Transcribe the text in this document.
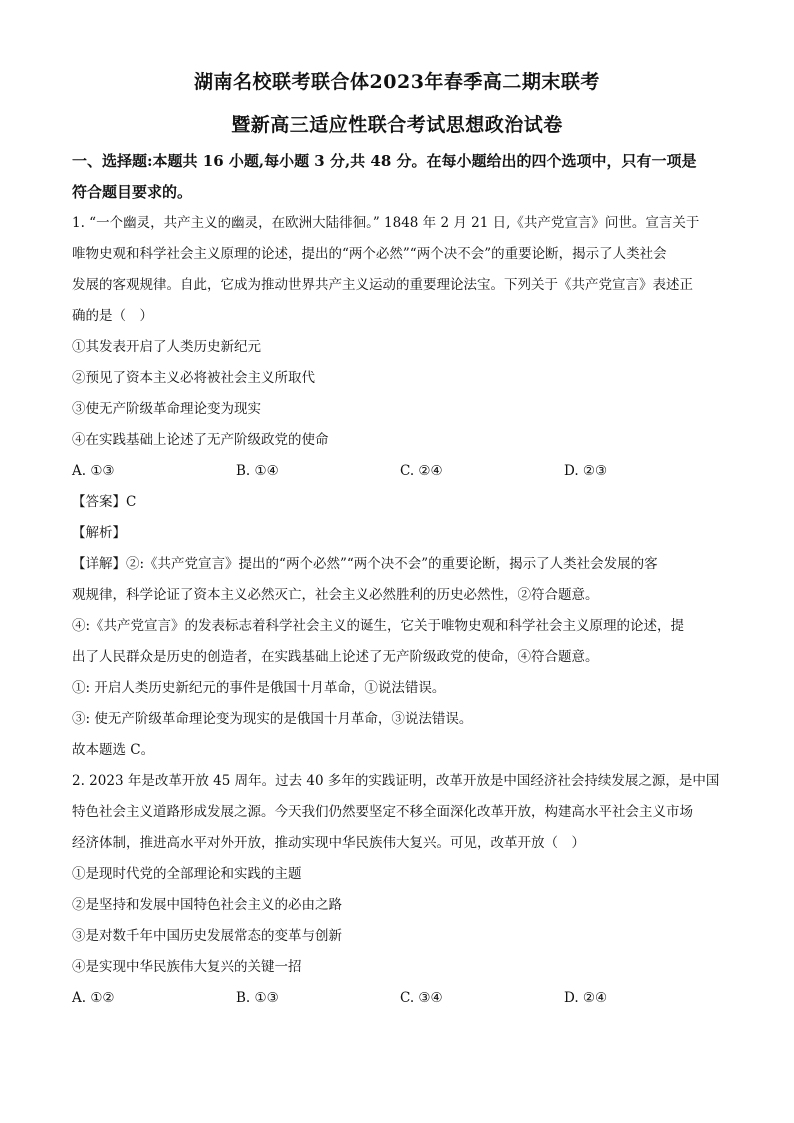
湖南名校联考联合体2023年春季高二期末联考
暨新高三适应性联合考试思想政治试卷

一、选择题:本题共 16 小题,每小题 3 分,共 48 分。在每小题给出的四个选项中，只有一项是

符合题目要求的。

1. “一个幽灵，共产主义的幽灵，在欧洲大陆徘徊。” 1848 年 2 月 21 日,《共产党宣言》问世。宣言关于

唯物史观和科学社会主义原理的论述，提出的“两个必然”“两个决不会”的重要论断，揭示了人类社会

发展的客观规律。自此，它成为推动世界共产主义运动的重要理论法宝。下列关于《共产党宣言》表述正

确的是（　）

①其发表开启了人类历史新纪元

②预见了资本主义必将被社会主义所取代

③使无产阶级革命理论变为现实

④在实践基础上论述了无产阶级政党的使命

A. ①③	B. ①④	C. ②④	D. ②③

【答案】C

【解析】

【详解】②:《共产党宣言》提出的“两个必然”“两个决不会”的重要论断，揭示了人类社会发展的客

观规律，科学论证了资本主义必然灭亡，社会主义必然胜利的历史必然性，②符合题意。

④:《共产党宣言》的发表标志着科学社会主义的诞生，它关于唯物史观和科学社会主义原理的论述，提

出了人民群众是历史的创造者，在实践基础上论述了无产阶级政党的使命，④符合题意。

①: 开启人类历史新纪元的事件是俄国十月革命，①说法错误。

③: 使无产阶级革命理论变为现实的是俄国十月革命，③说法错误。

故本题选 C。

2. 2023 年是改革开放 45 周年。过去 40 多年的实践证明，改革开放是中国经济社会持续发展之源，是中国

特色社会主义道路形成发展之源。今天我们仍然要坚定不移全面深化改革开放，构建高水平社会主义市场

经济体制，推进高水平对外开放，推动实现中华民族伟大复兴。可见，改革开放（　）

①是现时代党的全部理论和实践的主题

②是坚持和发展中国特色社会主义的必由之路

③是对数千年中国历史发展常态的变革与创新

④是实现中华民族伟大复兴的关键一招

A. ①②	B. ①③	C. ③④	D. ②④
